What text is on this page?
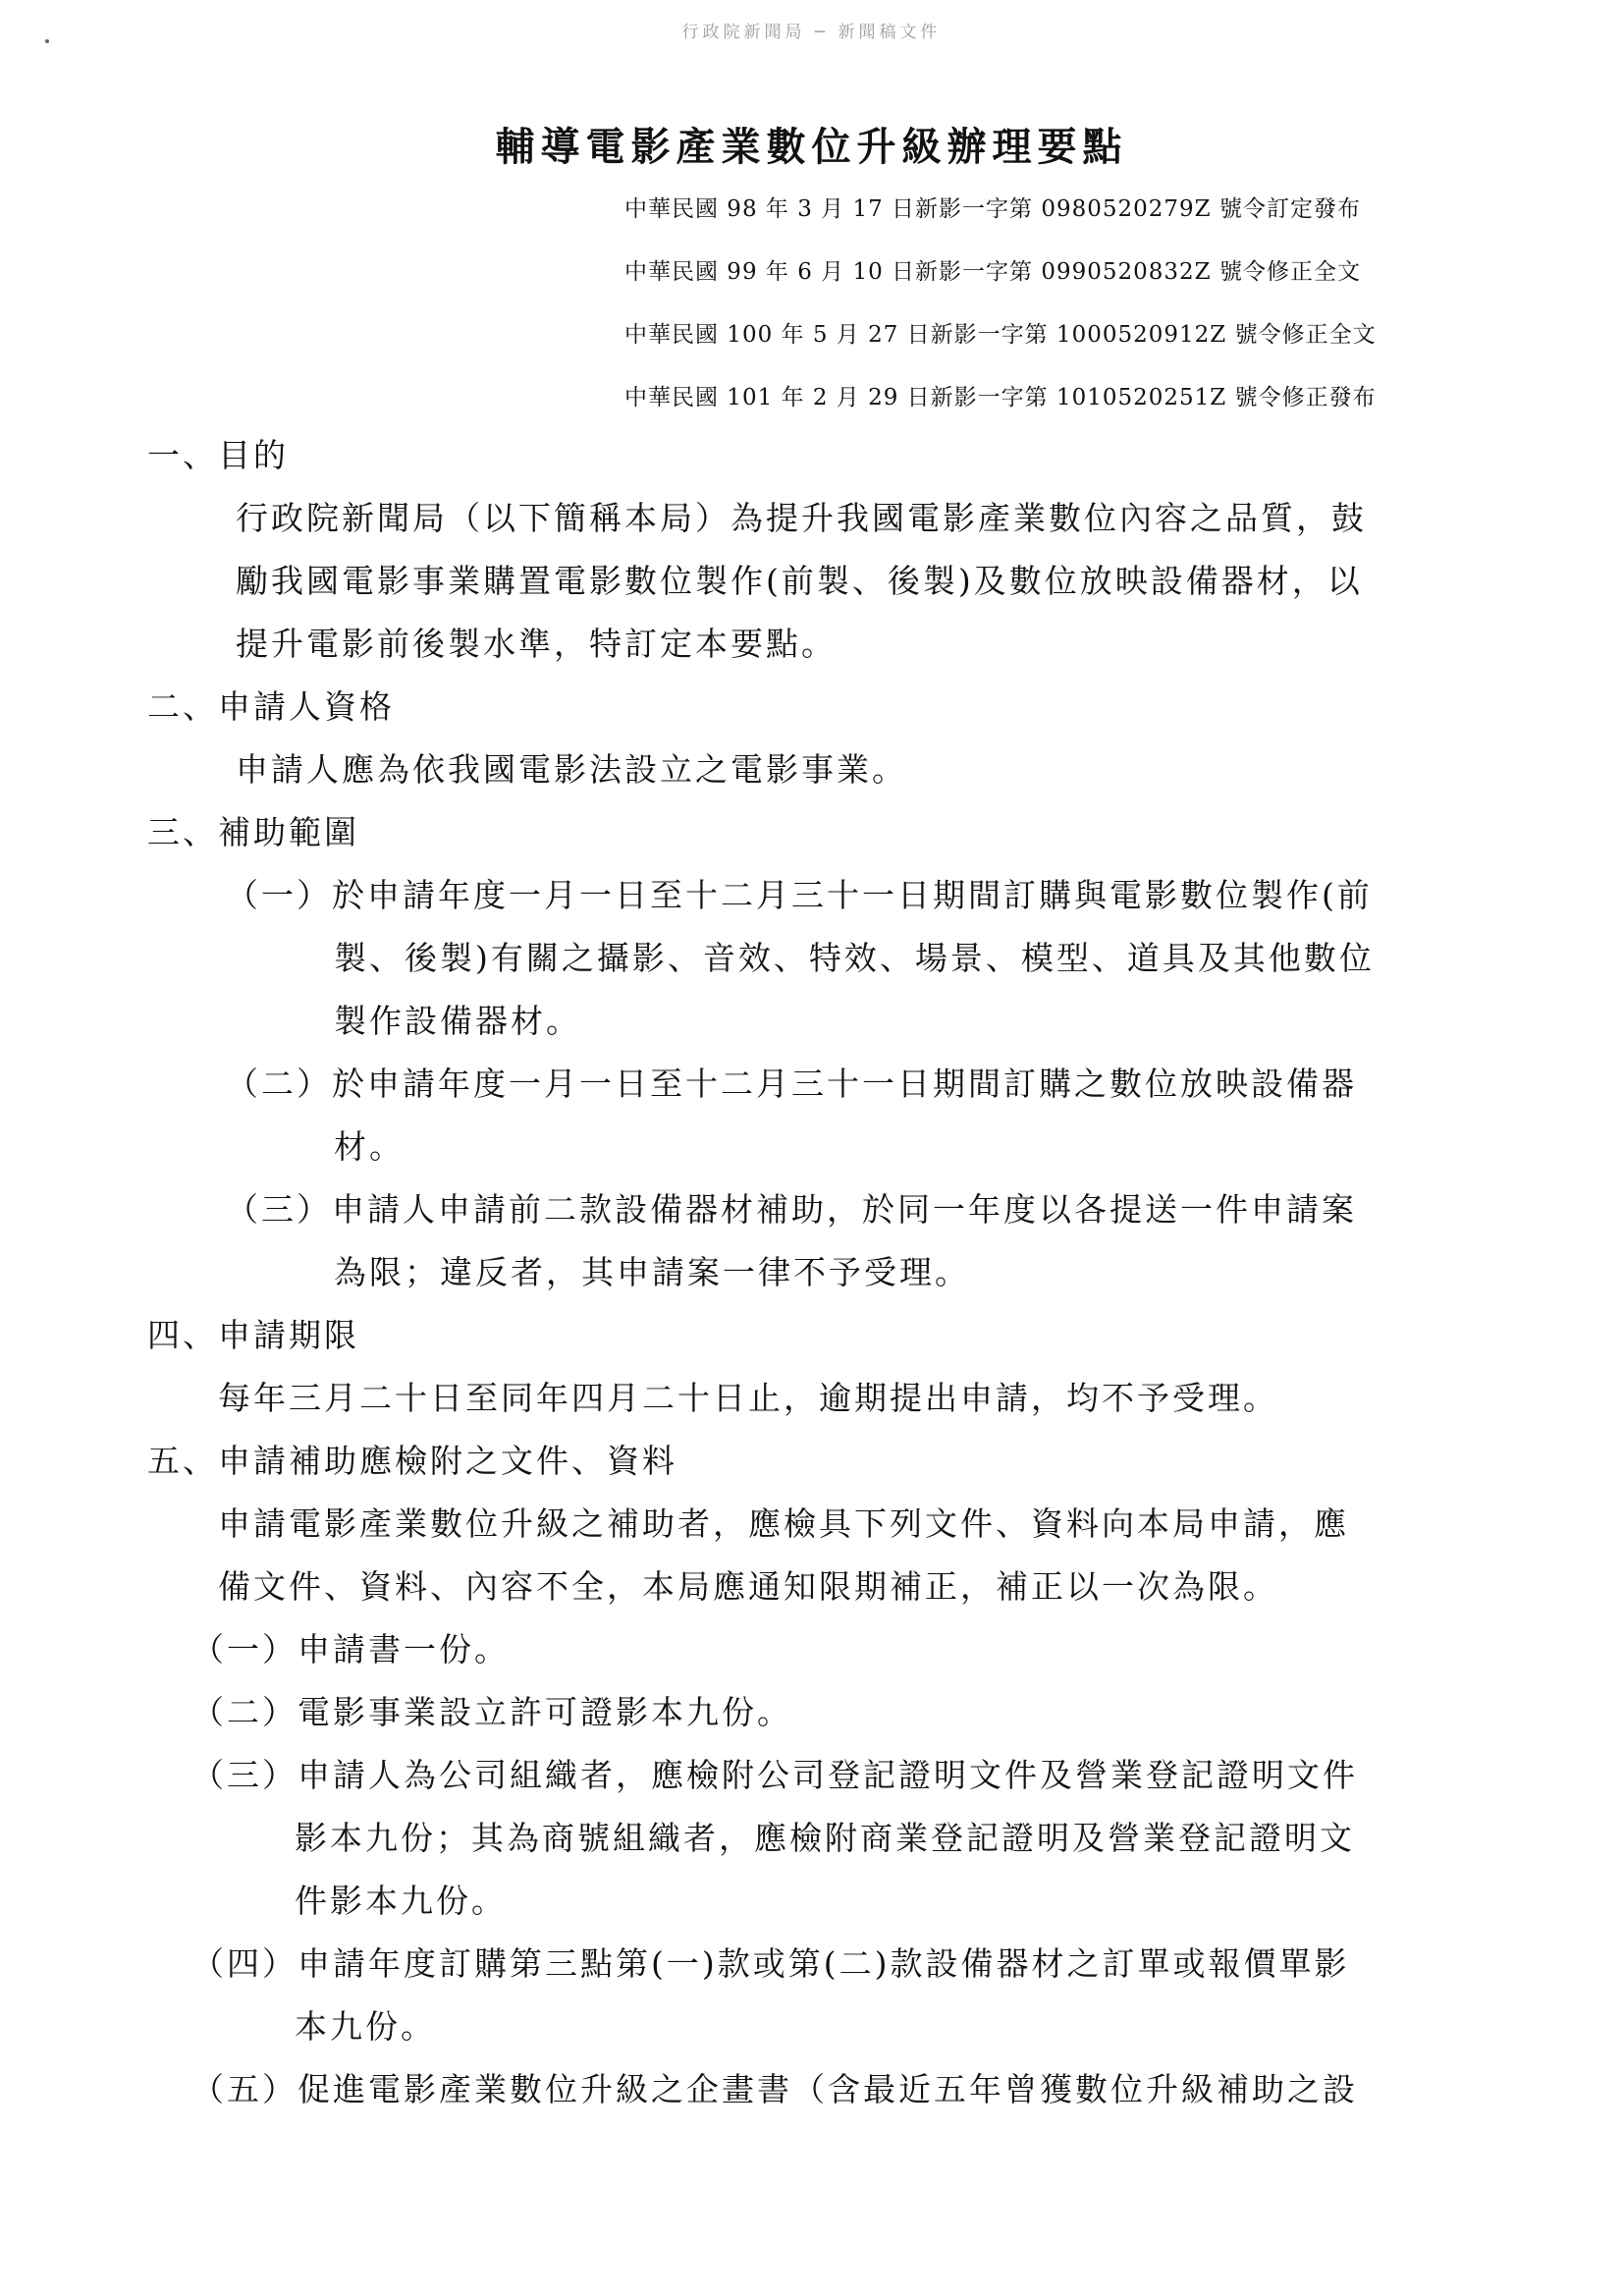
行政院新聞局 ─ 新聞稿文件
輔導電影產業數位升級辦理要點
中華民國 98 年 3 月 17 日新影一字第 0980520279Z 號令訂定發布
中華民國 99 年 6 月 10 日新影一字第 0990520832Z 號令修正全文
中華民國 100 年 5 月 27 日新影一字第 1000520912Z 號令修正全文
中華民國 101 年 2 月 29 日新影一字第 1010520251Z 號令修正發布
一、目的
行政院新聞局（以下簡稱本局）為提升我國電影產業數位內容之品質，鼓
勵我國電影事業購置電影數位製作(前製、後製)及數位放映設備器材，以
提升電影前後製水準，特訂定本要點。
二、申請人資格
申請人應為依我國電影法設立之電影事業。
三、補助範圍
（一）於申請年度一月一日至十二月三十一日期間訂購與電影數位製作(前
製、後製)有關之攝影、音效、特效、場景、模型、道具及其他數位
製作設備器材。
（二）於申請年度一月一日至十二月三十一日期間訂購之數位放映設備器
材。
（三）申請人申請前二款設備器材補助，於同一年度以各提送一件申請案
為限；違反者，其申請案一律不予受理。
四、申請期限
每年三月二十日至同年四月二十日止，逾期提出申請，均不予受理。
五、申請補助應檢附之文件、資料
申請電影產業數位升級之補助者，應檢具下列文件、資料向本局申請，應
備文件、資料、內容不全，本局應通知限期補正，補正以一次為限。
（一）申請書一份。
（二）電影事業設立許可證影本九份。
（三）申請人為公司組織者，應檢附公司登記證明文件及營業登記證明文件
影本九份；其為商號組織者，應檢附商業登記證明及營業登記證明文
件影本九份。
（四）申請年度訂購第三點第(一)款或第(二)款設備器材之訂單或報價單影
本九份。
（五）促進電影產業數位升級之企畫書（含最近五年曾獲數位升級補助之設
